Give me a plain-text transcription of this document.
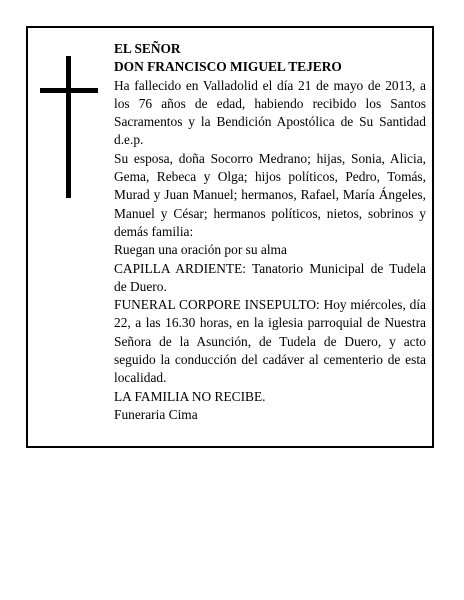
EL SEÑOR

DON FRANCISCO MIGUEL TEJERO

Ha fallecido en Valladolid el día 21 de mayo de 2013, a los 76 años de edad, habiendo recibido los Santos Sacramentos y la Bendición Apostólica de Su Santidad d.e.p.

Su esposa, doña Socorro Medrano; hijas, Sonia, Alicia, Gema, Rebeca y Olga; hijos políticos, Pedro, Tomás, Murad y Juan Manuel; hermanos, Rafael, María Ángeles, Manuel y César; hermanos políticos, nietos, sobrinos y demás familia:

Ruegan una oración por su alma

CAPILLA ARDIENTE: Tanatorio Municipal de Tudela de Duero.

FUNERAL CORPORE INSEPULTO: Hoy miércoles, día 22, a las 16.30 horas, en la iglesia parroquial de Nuestra Señora de la Asunción, de Tudela de Duero, y acto seguido la conducción del cadáver al cementerio de esta localidad.

LA FAMILIA NO RECIBE.

Funeraria Cima
